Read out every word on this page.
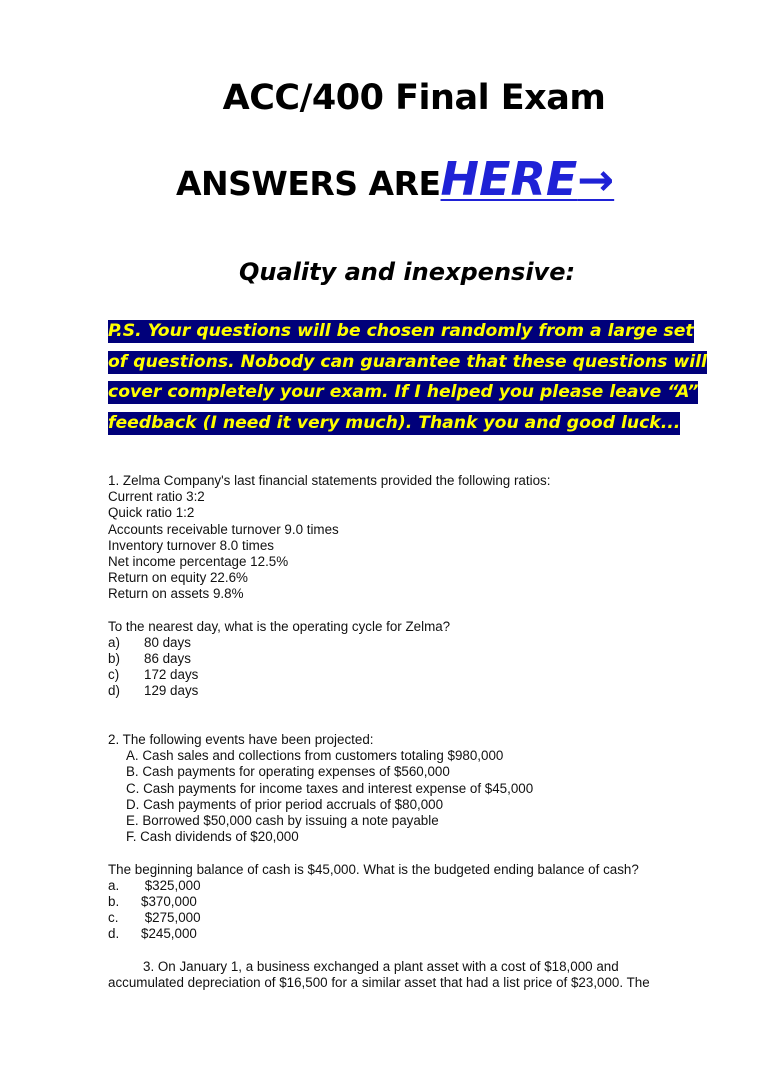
ACC/400 Final Exam
ANSWERS AREHERE→
Quality and inexpensive:
P.S. Your questions will be chosen randomly from a large set
of questions. Nobody can guarantee that these questions will
cover completely your exam. If I helped you please leave “A”
feedback (I need it very much). Thank you and good luck...
1. Zelma Company's last financial statements provided the following ratios:
Current ratio 3:2
Quick ratio 1:2
Accounts receivable turnover 9.0 times
Inventory turnover 8.0 times
Net income percentage 12.5%
Return on equity 22.6%
Return on assets 9.8%
To the nearest day, what is the operating cycle for Zelma?
a) 80 days
b) 86 days
c) 172 days
d) 129 days
2. The following events have been projected:
A. Cash sales and collections from customers totaling $980,000
B. Cash payments for operating expenses of $560,000
C. Cash payments for income taxes and interest expense of $45,000
D. Cash payments of prior period accruals of $80,000
E. Borrowed $50,000 cash by issuing a note payable
F. Cash dividends of $20,000
The beginning balance of cash is $45,000. What is the budgeted ending balance of cash?
a. $325,000
b. $370,000
c. $275,000
d. $245,000
3. On January 1, a business exchanged a plant asset with a cost of $18,000 and
accumulated depreciation of $16,500 for a similar asset that had a list price of $23,000. The
